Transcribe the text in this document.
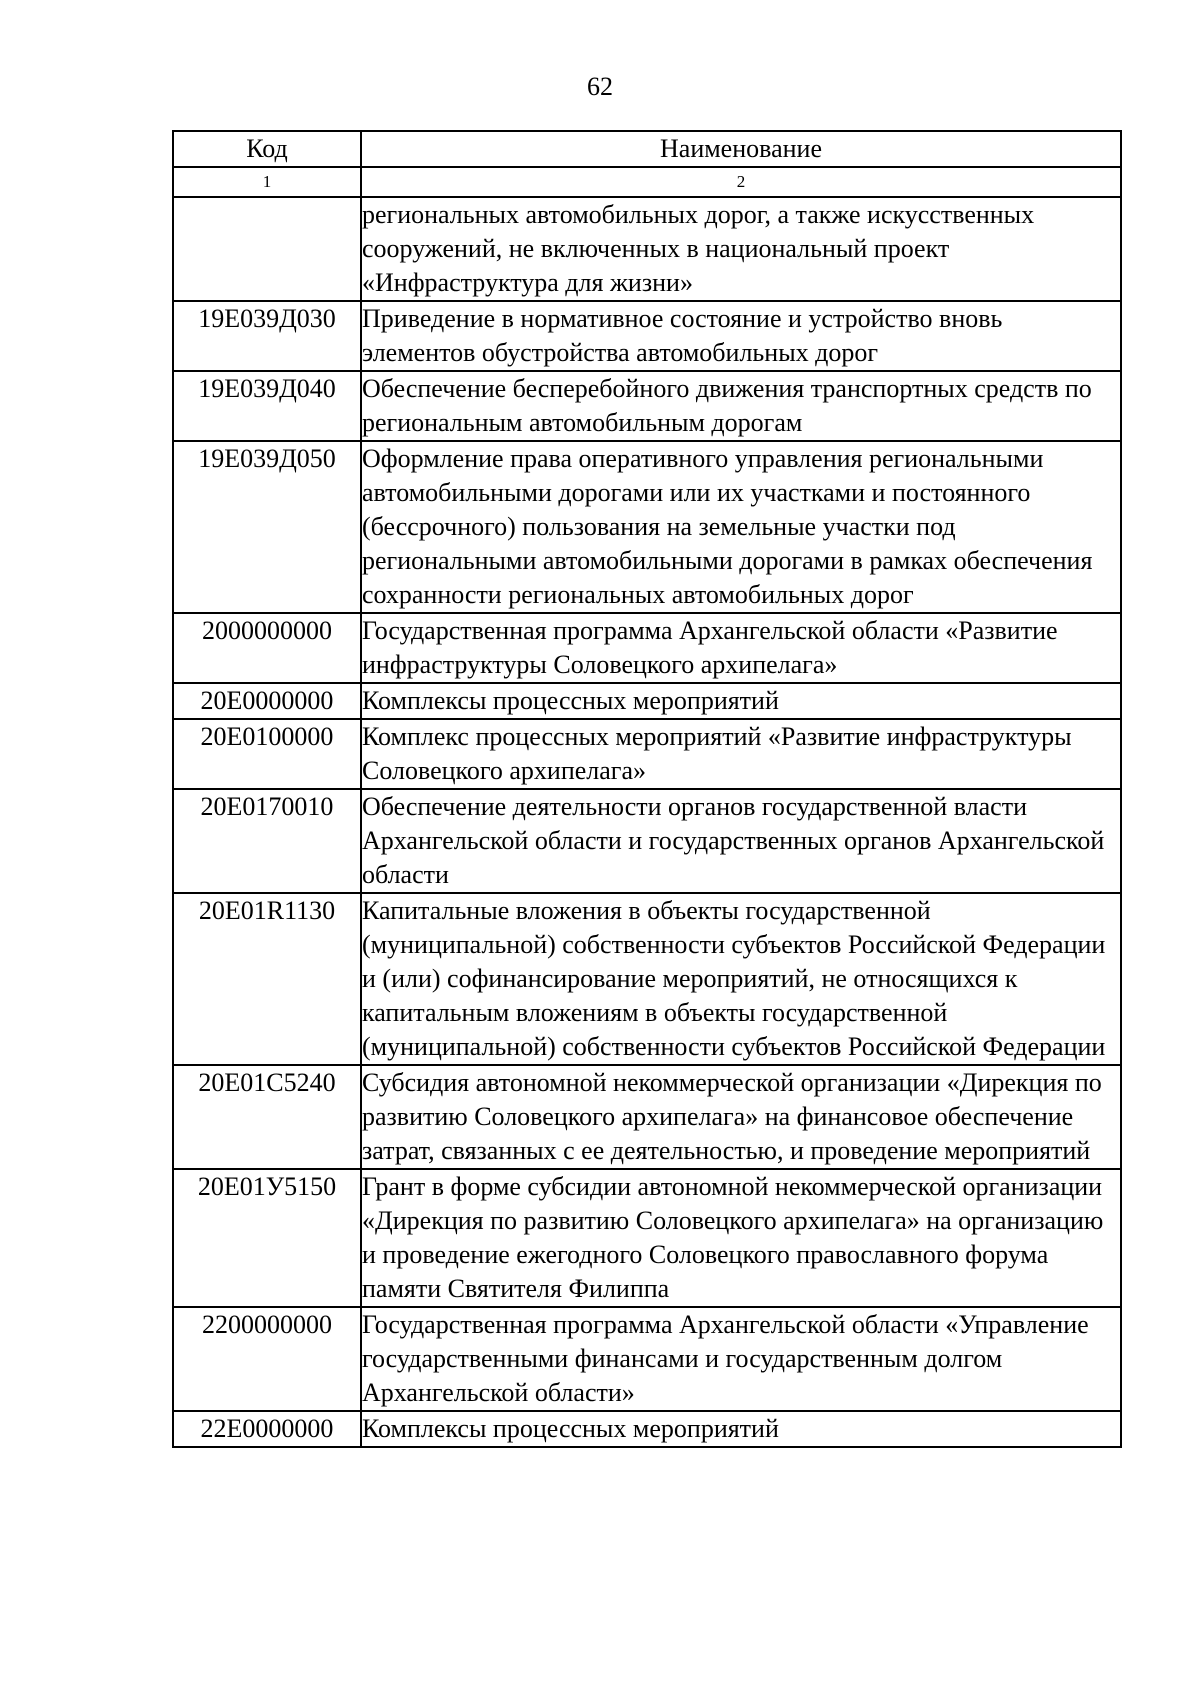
62
Код	Наименование
1	2
	региональных автомобильных дорог, а также искусственных сооружений, не включенных в национальный проект «Инфраструктура для жизни»
19Е039Д030	Приведение в нормативное состояние и устройство вновь элементов обустройства автомобильных дорог
19Е039Д040	Обеспечение бесперебойного движения транспортных средств по региональным автомобильным дорогам
19Е039Д050	Оформление права оперативного управления региональными автомобильными дорогами или их участками и постоянного (бессрочного) пользования на земельные участки под региональными автомобильными дорогами в рамках обеспечения сохранности региональных автомобильных дорог
2000000000	Государственная программа Архангельской области «Развитие инфраструктуры Соловецкого архипелага»
20Е0000000	Комплексы процессных мероприятий
20Е0100000	Комплекс процессных мероприятий «Развитие инфраструктуры Соловецкого архипелага»
20Е0170010	Обеспечение деятельности органов государственной власти Архангельской области и государственных органов Архангельской области
20Е01R1130	Капитальные вложения в объекты государственной (муниципальной) собственности субъектов Российской Федерации и (или) софинансирование мероприятий, не относящихся к капитальным вложениям в объекты государственной (муниципальной) собственности субъектов Российской Федерации
20Е01С5240	Субсидия автономной некоммерческой организации «Дирекция по развитию Соловецкого архипелага» на финансовое обеспечение затрат, связанных с ее деятельностью, и проведение мероприятий
20Е01У5150	Грант в форме субсидии автономной некоммерческой организации «Дирекция по развитию Соловецкого архипелага» на организацию и проведение ежегодного Соловецкого православного форума памяти Святителя Филиппа
2200000000	Государственная программа Архангельской области «Управление государственными финансами и государственным долгом Архангельской области»
22Е0000000	Комплексы процессных мероприятий
